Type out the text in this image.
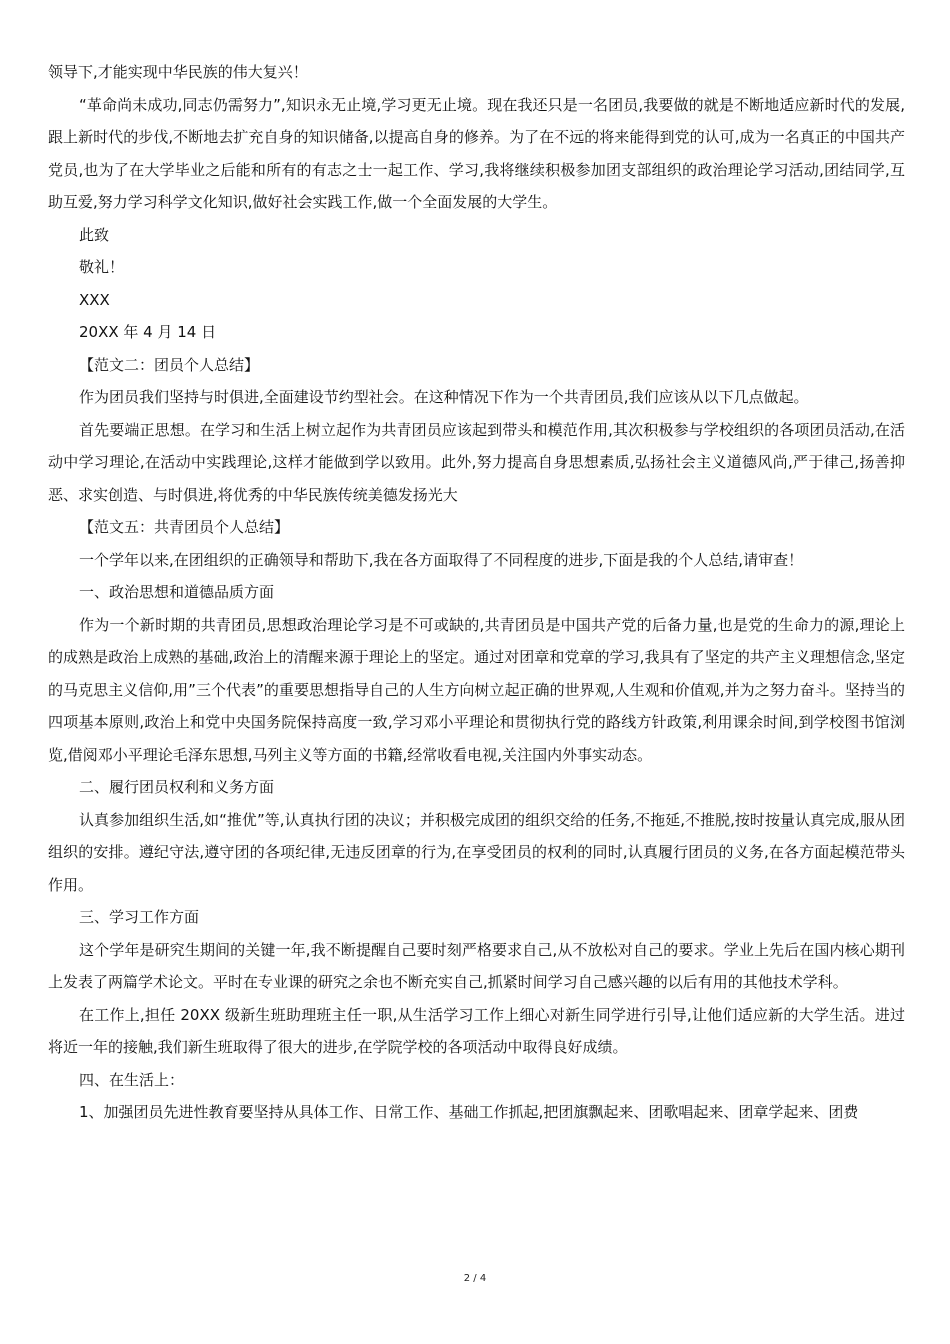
领导下,才能实现中华民族的伟大复兴！

“革命尚未成功,同志仍需努力”,知识永无止境,学习更无止境。现在我还只是一名团员,我要做的就是不断地适应新时代的发展,跟上新时代的步伐,不断地去扩充自身的知识储备,以提高自身的修养。为了在不远的将来能得到党的认可,成为一名真正的中国共产党员,也为了在大学毕业之后能和所有的有志之士一起工作、学习,我将继续积极参加团支部组织的政治理论学习活动,团结同学,互助互爱,努力学习科学文化知识,做好社会实践工作,做一个全面发展的大学生。

此致

敬礼！

XXX

20XX 年 4 月 14 日

【范文二：团员个人总结】

作为团员我们坚持与时俱进,全面建设节约型社会。在这种情况下作为一个共青团员,我们应该从以下几点做起。

首先要端正思想。在学习和生活上树立起作为共青团员应该起到带头和模范作用,其次积极参与学校组织的各项团员活动,在活动中学习理论,在活动中实践理论,这样才能做到学以致用。此外,努力提高自身思想素质,弘扬社会主义道德风尚,严于律己,扬善抑恶、求实创造、与时俱进,将优秀的中华民族传统美德发扬光大

【范文五：共青团员个人总结】

一个学年以来,在团组织的正确领导和帮助下,我在各方面取得了不同程度的进步,下面是我的个人总结,请审查！

一、政治思想和道德品质方面

作为一个新时期的共青团员,思想政治理论学习是不可或缺的,共青团员是中国共产党的后备力量,也是党的生命力的源,理论上的成熟是政治上成熟的基础,政治上的清醒来源于理论上的坚定。通过对团章和党章的学习,我具有了坚定的共产主义理想信念,坚定的马克思主义信仰,用”三个代表”的重要思想指导自己的人生方向树立起正确的世界观,人生观和价值观,并为之努力奋斗。坚持当的四项基本原则,政治上和党中央国务院保持高度一致,学习邓小平理论和贯彻执行党的路线方针政策,利用课余时间,到学校图书馆浏览,借阅邓小平理论毛泽东思想,马列主义等方面的书籍,经常收看电视,关注国内外事实动态。

二、履行团员权利和义务方面

认真参加组织生活,如“推优”等,认真执行团的决议；并积极完成团的组织交给的任务,不拖延,不推脱,按时按量认真完成,服从团组织的安排。遵纪守法,遵守团的各项纪律,无违反团章的行为,在享受团员的权利的同时,认真履行团员的义务,在各方面起模范带头作用。

三、学习工作方面

这个学年是研究生期间的关键一年,我不断提醒自己要时刻严格要求自己,从不放松对自己的要求。学业上先后在国内核心期刊上发表了两篇学术论文。平时在专业课的研究之余也不断充实自己,抓紧时间学习自己感兴趣的以后有用的其他技术学科。

在工作上,担任 20XX 级新生班助理班主任一职,从生活学习工作上细心对新生同学进行引导,让他们适应新的大学生活。进过将近一年的接触,我们新生班取得了很大的进步,在学院学校的各项活动中取得良好成绩。

四、在生活上：

1、加强团员先进性教育要坚持从具体工作、日常工作、基础工作抓起,把团旗飘起来、团歌唱起来、团章学起来、团费

2 / 4
